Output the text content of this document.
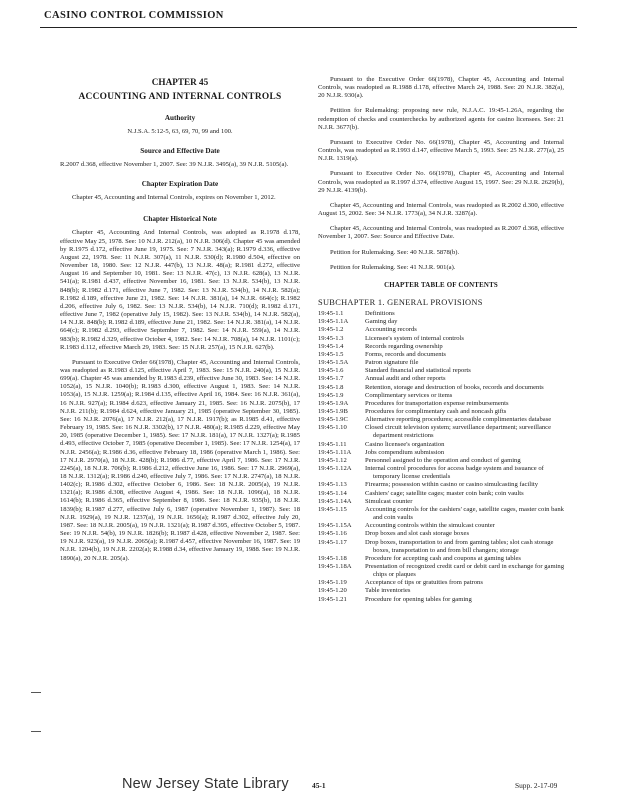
CASINO CONTROL COMMISSION
CHAPTER 45
ACCOUNTING AND INTERNAL CONTROLS
Authority

N.J.S.A. 5:12-5, 63, 69, 70, 99 and 100.

Source and Effective Date

R.2007 d.368, effective November 1, 2007. See: 39 N.J.R. 3495(a), 39 N.J.R. 5105(a).

Chapter Expiration Date

Chapter 45, Accounting and Internal Controls, expires on November 1, 2012.

Chapter Historical Note

Chapter 45, Accounting And Internal Controls, was adopted as R.1978 d.178, effective May 25, 1978. See: 10 N.J.R. 212(a), 10 N.J.R. 306(d). Chapter 45 was amended by R.1975 d.172, effective June 19, 1975. See: 7 N.J.R. 343(a); R.1979 d.336, effective August 22, 1978. See: 11 N.J.R. 307(a), 11 N.J.R. 530(d); R.1980 d.504, effective on November 18, 1980. See: 12 N.J.R. 447(b), 13 N.J.R. 48(a); R.1981 d.272, effective August 16 and September 10, 1981. See: 13 N.J.R. 47(c), 13 N.J.R. 628(a), 13 N.J.R. 541(a); R.1981 d.437, effective November 16, 1981. See: 13 N.J.R. 534(b), 13 N.J.R. 848(b); R.1982 d.171, effective June 7, 1982. See: 13 N.J.R. 534(b), 14 N.J.R. 582(a); R.1982 d.189, effective June 21, 1982. See: 14 N.J.R. 381(a), 14 N.J.R. 664(c); R.1982 d.206, effective July 6, 1982. See: 13 N.J.R. 534(b), 14 N.J.R. 710(d); R.1982 d.171, effective June 7, 1982 (operative July 15, 1982). See: 13 N.J.R. 534(b), 14 N.J.R. 582(a), 14 N.J.R. 848(b); R.1982 d.189, effective June 21, 1982. See: 14 N.J.R. 381(a), 14 N.J.R. 664(c); R.1982 d.293, effective September 7, 1982. See: 14 N.J.R. 559(a), 14 N.J.R. 983(b); R.1982 d.329, effective October 4, 1982. See: 14 N.J.R. 708(a), 14 N.J.R. 1101(c); R.1983 d.112, effective March 29, 1983. See: 15 N.J.R. 257(a), 15 N.J.R. 627(b).

Pursuant to Executive Order 66(1978), Chapter 45, Accounting and Internal Controls, was readopted as R.1983 d.125, effective April 7, 1983. See: 15 N.J.R. 240(a), 15 N.J.R. 699(a). Chapter 45 was amended by R.1983 d.239, effective June 30, 1983. See: 14 N.J.R. 1052(a), 15 N.J.R. 1040(b); R.1983 d.300, effective August 1, 1983. See: 14 N.J.R. 1053(a), 15 N.J.R. 1259(a); R.1984 d.135, effective April 16, 1984. See: 16 N.J.R. 361(a), 16 N.J.R. 927(a); R.1984 d.623, effective January 21, 1985. See: 16 N.J.R. 2075(b), 17 N.J.R. 211(b); R.1984 d.624, effective January 21, 1985 (operative September 30, 1985). See: 16 N.J.R. 2076(a), 17 N.J.R. 212(a), 17 N.J.R. 1917(b); as R.1985 d.41, effective February 19, 1985. See: 16 N.J.R. 3302(b), 17 N.J.R. 480(a); R.1985 d.229, effective May 20, 1985 (operative December 1, 1985). See: 17 N.J.R. 181(a), 17 N.J.R. 1327(a); R.1985 d.493, effective October 7, 1985 (operative December 1, 1985). See: 17 N.J.R. 1254(a), 17 N.J.R. 2456(a); R.1986 d.36, effective February 18, 1986 (operative March 1, 1986). See: 17 N.J.R. 2970(a), 18 N.J.R. 428(b); R.1986 d.77, effective April 7, 1986. See: 17 N.J.R. 2245(a), 18 N.J.R. 706(b); R.1986 d.212, effective June 16, 1986. See: 17 N.J.R. 2969(a), 18 N.J.R. 1312(a); R.1986 d.240, effective July 7, 1986. See: 17 N.J.R. 2747(a), 18 N.J.R. 1402(c); R.1986 d.302, effective October 6, 1986. See: 18 N.J.R. 2005(a), 19 N.J.R. 1321(a); R.1986 d.308, effective August 4, 1986. See: 18 N.J.R. 1096(a), 18 N.J.R. 1614(b); R.1986 d.365, effective September 8, 1986. See: 18 N.J.R. 935(b), 18 N.J.R. 1839(b); R.1987 d.277, effective July 6, 1987 (operative November 1, 1987). See: 18 N.J.R. 1929(a), 19 N.J.R. 1237(a), 19 N.J.R. 1656(a); R.1987 d.302, effective July 20, 1987. See: 18 N.J.R. 2005(a), 19 N.J.R. 1321(a); R.1987 d.395, effective October 5, 1987. See: 19 N.J.R. 54(b), 19 N.J.R. 1826(b); R.1987 d.428, effective November 2, 1987. See: 19 N.J.R. 923(a), 19 N.J.R. 2065(a); R.1987 d.457, effective November 16, 1987. See: 19 N.J.R. 1204(b), 19 N.J.R. 2202(a); R.1988 d.34, effective January 19, 1988. See: 19 N.J.R. 1890(a), 20 N.J.R. 205(a).

Pursuant to the Executive Order 66(1978), Chapter 45, Accounting and Internal Controls, was readopted as R.1988 d.178, effective March 24, 1988. See: 20 N.J.R. 382(a), 20 N.J.R. 930(a).

Petition for Rulemaking: proposing new rule, N.J.A.C. 19:45-1.26A, regarding the redemption of checks and counterchecks by authorized agents for casino licensees. See: 21 N.J.R. 3677(b).

Pursuant to Executive Order No. 66(1978), Chapter 45, Accounting and Internal Controls, was readopted as R.1993 d.147, effective March 5, 1993. See: 25 N.J.R. 277(a), 25 N.J.R. 1319(a).

Pursuant to Executive Order No. 66(1978), Chapter 45, Accounting and Internal Controls, was readopted as R.1997 d.374, effective August 15, 1997. See: 29 N.J.R. 2629(b), 29 N.J.R. 4139(b).

Chapter 45, Accounting and Internal Controls, was readopted as R.2002 d.300, effective August 15, 2002. See: 34 N.J.R. 1773(a), 34 N.J.R. 3287(a).

Chapter 45, Accounting and Internal Controls, was readopted as R.2007 d.368, effective November 1, 2007. See: Source and Effective Date.

Petition for Rulemaking. See: 40 N.J.R. 5878(b).

Petition for Rulemaking. See: 41 N.J.R. 901(a).

CHAPTER TABLE OF CONTENTS
SUBCHAPTER 1. GENERAL PROVISIONS
19:45-1.1	Definitions
19:45-1.1A	Gaming day
19:45-1.2	Accounting records
19:45-1.3	Licensee's system of internal controls
19:45-1.4	Records regarding ownership
19:45-1.5	Forms, records and documents
19:45-1.5A	Patron signature file
19:45-1.6	Standard financial and statistical reports
19:45-1.7	Annual audit and other reports
19:45-1.8	Retention, storage and destruction of books, records and documents
19:45-1.9	Complimentary services or items
19:45-1.9A	Procedures for transportation expense reimbursements
19:45-1.9B	Procedures for complimentary cash and noncash gifts
19:45-1.9C	Alternative reporting procedures; accessible complimentaries database
19:45-1.10	Closed circuit television system; surveillance department; surveillance department restrictions
19:45-1.11	Casino licensee's organization
19:45-1.11A	Jobs compendium submission
19:45-1.12	Personnel assigned to the operation and conduct of gaming
19:45-1.12A	Internal control procedures for access badge system and issuance of temporary license credentials
19:45-1.13	Firearms; possession within casino or casino simulcasting facility
19:45-1.14	Cashiers' cage; satellite cages; master coin bank; coin vaults
19:45-1.14A	Simulcast counter
19:45-1.15	Accounting controls for the cashiers' cage, satellite cages, master coin bank and coin vaults
19:45-1.15A	Accounting controls within the simulcast counter
19:45-1.16	Drop boxes and slot cash storage boxes
19:45-1.17	Drop boxes, transportation to and from gaming tables; slot cash storage boxes, transportation to and from bill changers; storage
19:45-1.18	Procedure for accepting cash and coupons at gaming tables
19:45-1.18A	Presentation of recognized credit card or debit card in exchange for gaming chips or plaques
19:45-1.19	Acceptance of tips or gratuities from patrons
19:45-1.20	Table inventories
19:45-1.21	Procedure for opening tables for gaming
New Jersey State Library	45-1	Supp. 2-17-09
